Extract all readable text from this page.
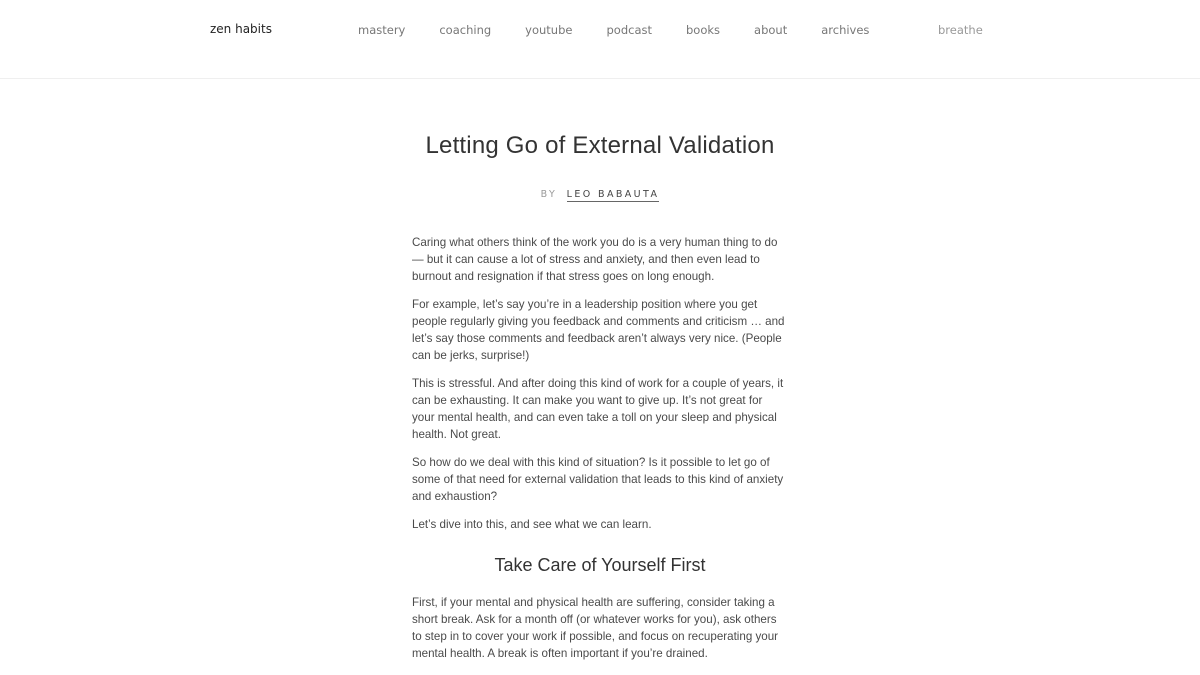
zen habits	mastery	coaching	youtube	podcast	books	about	archives	breathe
Letting Go of External Validation
BY LEO BABAUTA

Caring what others think of the work you do is a very human thing to do — but it can cause a lot of stress and anxiety, and then even lead to burnout and resignation if that stress goes on long enough.

For example, let’s say you’re in a leadership position where you get people regularly giving you feedback and comments and criticism … and let’s say those comments and feedback aren’t always very nice. (People can be jerks, surprise!)

This is stressful. And after doing this kind of work for a couple of years, it can be exhausting. It can make you want to give up. It’s not great for your mental health, and can even take a toll on your sleep and physical health. Not great.

So how do we deal with this kind of situation? Is it possible to let go of some of that need for external validation that leads to this kind of anxiety and exhaustion?

Let’s dive into this, and see what we can learn.

Take Care of Yourself First

First, if your mental and physical health are suffering, consider taking a short break. Ask for a month off (or whatever works for you), ask others to step in to cover your work if possible, and focus on recuperating your mental health. A break is often important if you’re drained.
